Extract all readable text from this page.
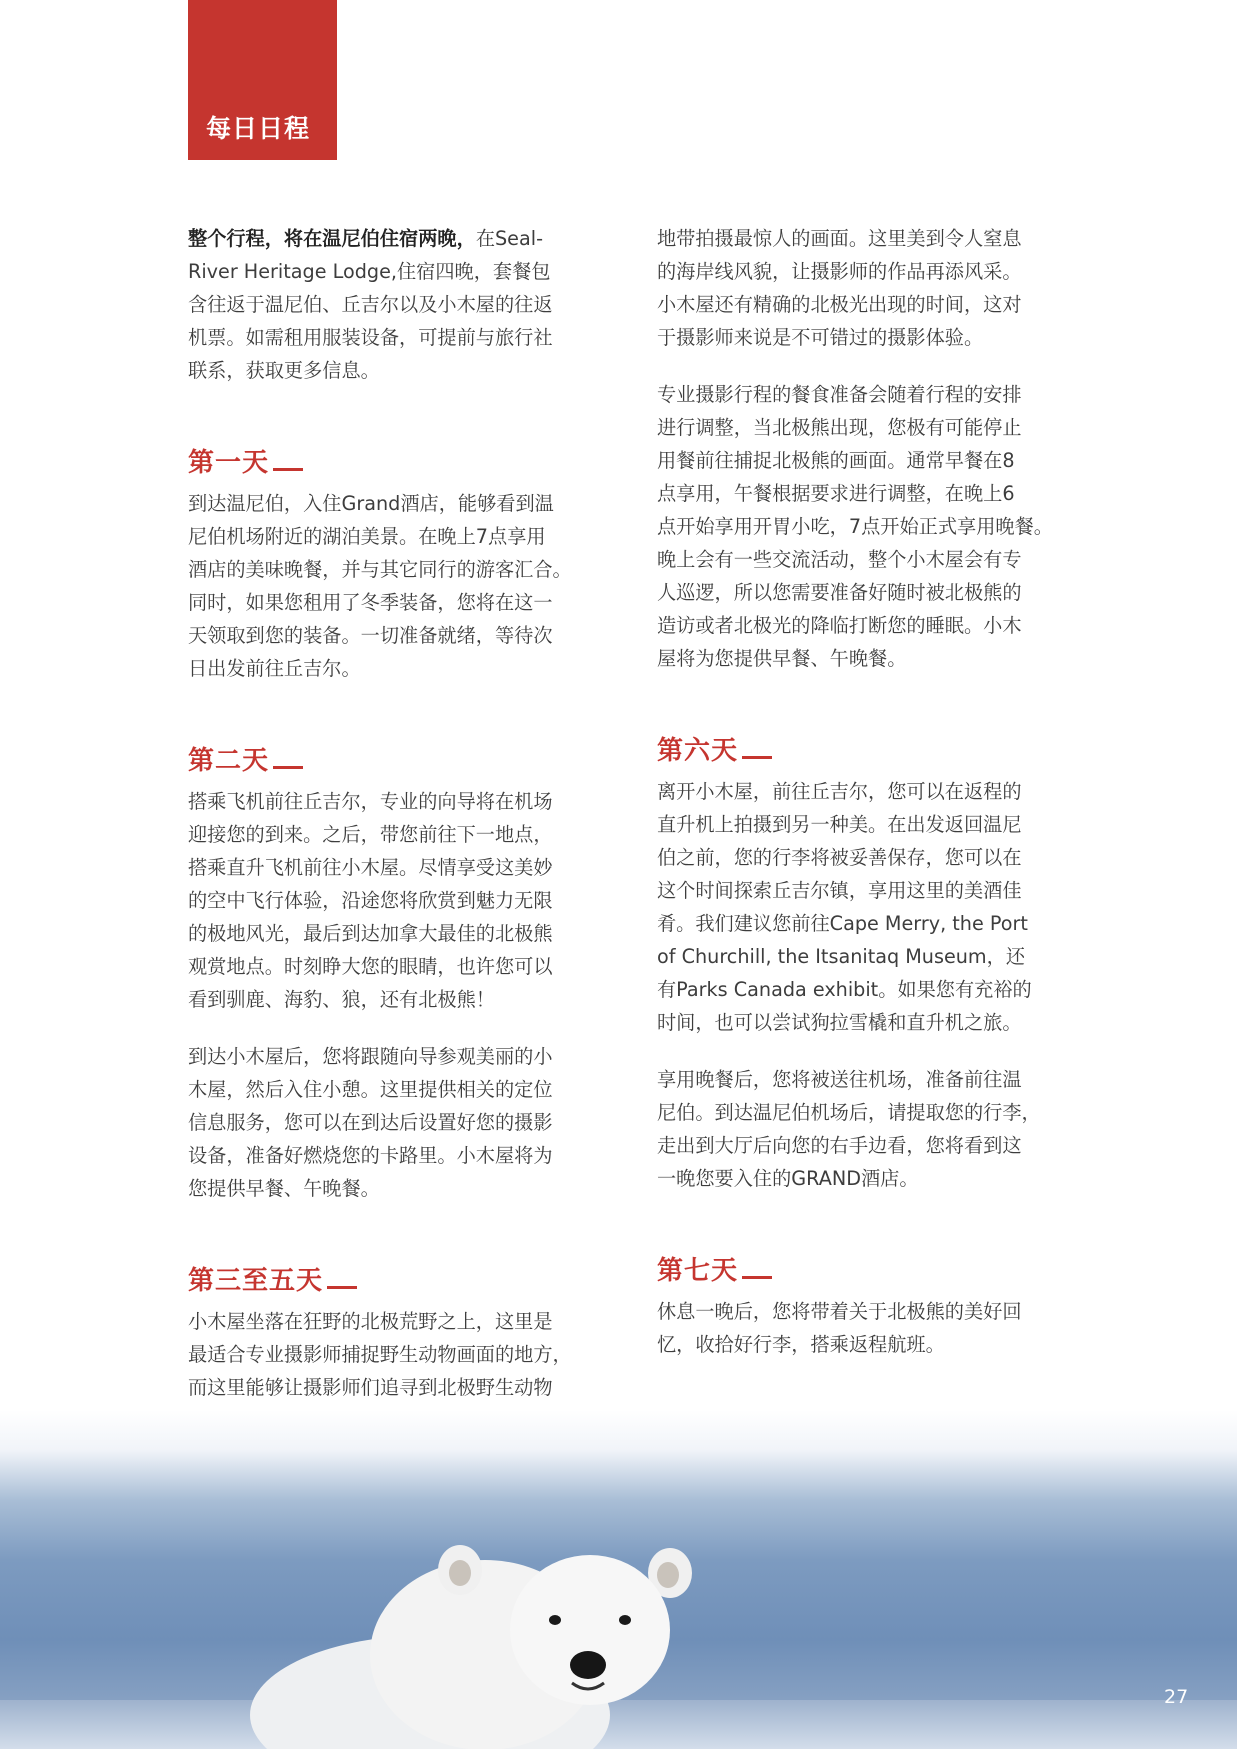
每日日程

整个行程，将在温尼伯住宿两晚，在Seal-
River Heritage Lodge,住宿四晚，套餐包
含往返于温尼伯、丘吉尔以及小木屋的往返
机票。如需租用服装设备，可提前与旅行社
联系，获取更多信息。

第一天

到达温尼伯，入住Grand酒店，能够看到温
尼伯机场附近的湖泊美景。在晚上7点享用
酒店的美味晚餐，并与其它同行的游客汇合。
同时，如果您租用了冬季装备，您将在这一
天领取到您的装备。一切准备就绪，等待次
日出发前往丘吉尔。

第二天

搭乘飞机前往丘吉尔，专业的向导将在机场
迎接您的到来。之后，带您前往下一地点，
搭乘直升飞机前往小木屋。尽情享受这美妙
的空中飞行体验，沿途您将欣赏到魅力无限
的极地风光，最后到达加拿大最佳的北极熊
观赏地点。时刻睁大您的眼睛，也许您可以
看到驯鹿、海豹、狼，还有北极熊！

到达小木屋后，您将跟随向导参观美丽的小
木屋，然后入住小憩。这里提供相关的定位
信息服务，您可以在到达后设置好您的摄影
设备，准备好燃烧您的卡路里。小木屋将为
您提供早餐、午晚餐。

第三至五天

小木屋坐落在狂野的北极荒野之上，这里是
最适合专业摄影师捕捉野生动物画面的地方，
而这里能够让摄影师们追寻到北极野生动物

地带拍摄最惊人的画面。这里美到令人窒息
的海岸线风貌，让摄影师的作品再添风采。
小木屋还有精确的北极光出现的时间，这对
于摄影师来说是不可错过的摄影体验。

专业摄影行程的餐食准备会随着行程的安排
进行调整，当北极熊出现，您极有可能停止
用餐前往捕捉北极熊的画面。通常早餐在8
点享用，午餐根据要求进行调整，在晚上6
点开始享用开胃小吃，7点开始正式享用晚餐。
晚上会有一些交流活动，整个小木屋会有专
人巡逻，所以您需要准备好随时被北极熊的
造访或者北极光的降临打断您的睡眠。小木
屋将为您提供早餐、午晚餐。

第六天

离开小木屋，前往丘吉尔，您可以在返程的
直升机上拍摄到另一种美。在出发返回温尼
伯之前，您的行李将被妥善保存，您可以在
这个时间探索丘吉尔镇，享用这里的美酒佳
肴。我们建议您前往Cape Merry, the Port
of Churchill, the Itsanitaq Museum，还
有Parks Canada exhibit。如果您有充裕的
时间，也可以尝试狗拉雪橇和直升机之旅。

享用晚餐后，您将被送往机场，准备前往温
尼伯。到达温尼伯机场后，请提取您的行李，
走出到大厅后向您的右手边看，您将看到这
一晚您要入住的GRAND酒店。

第七天

休息一晚后，您将带着关于北极熊的美好回
忆，收拾好行李，搭乘返程航班。

27
